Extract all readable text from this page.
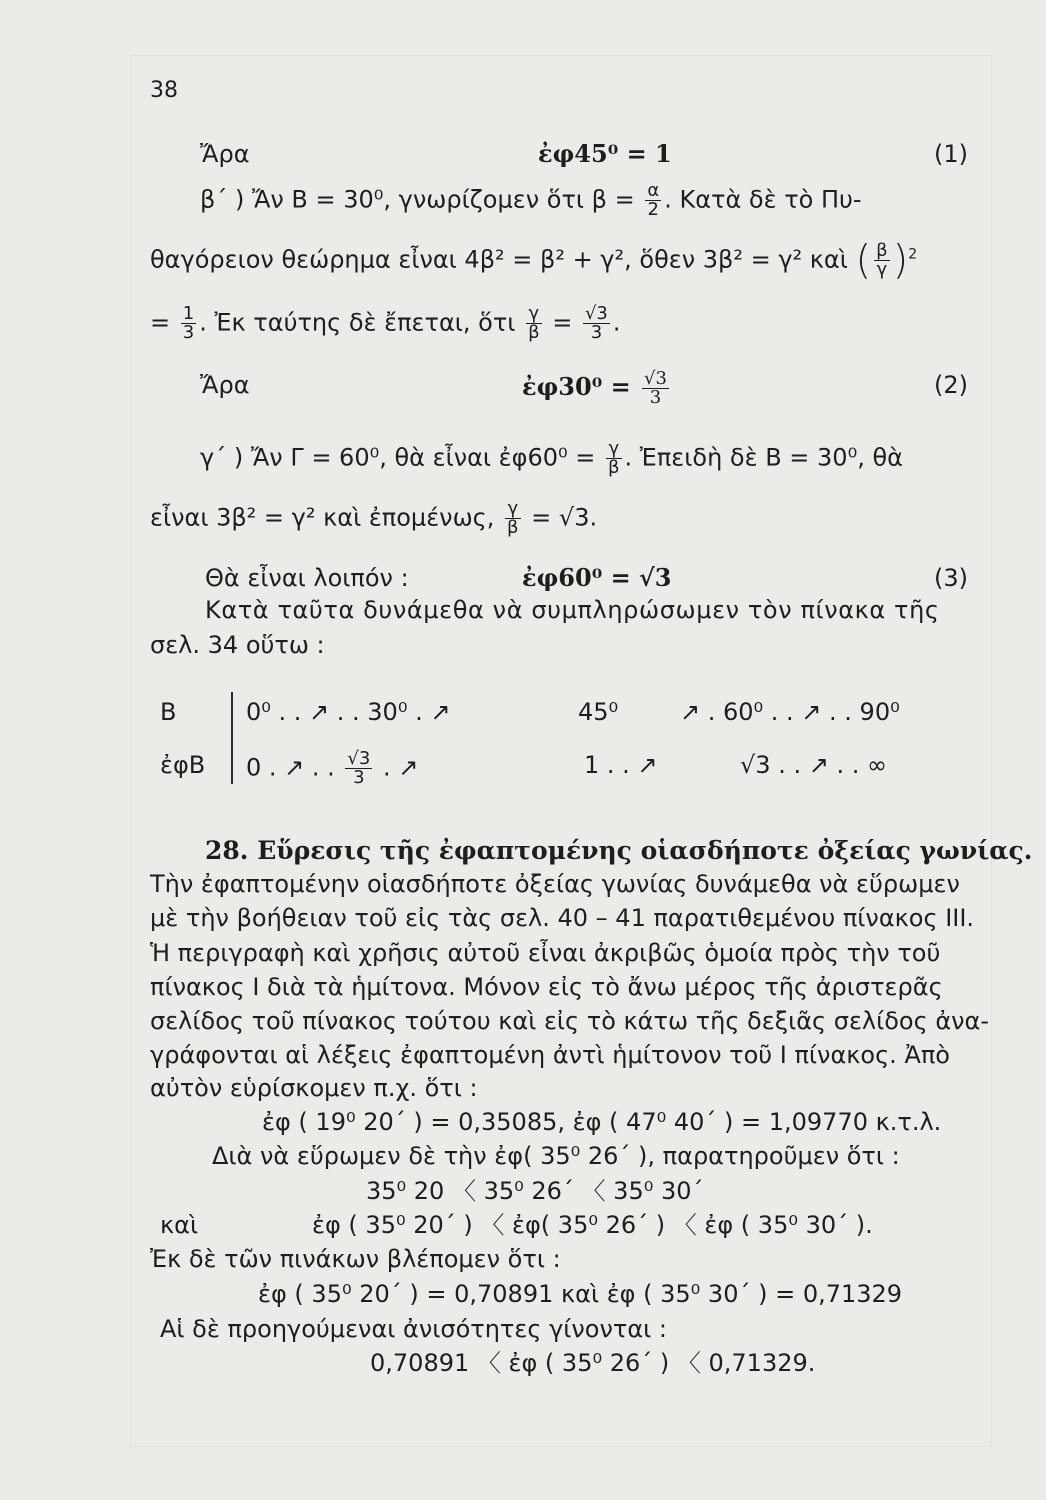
38
Ἄρα	ἐφ45⁰ = 1	(1)
β΄ ) Ἄν Β = 30⁰, γνωρίζομεν ὅτι $\beta = \frac{\alpha}{2}$ . Κατὰ δὲ τὸ Πυ-
θαγόρειον θεώρημα εἶναι 4β² = β² + γ², ὅθεν 3β² = γ² καὶ ( $\frac{\beta}{\gamma} )^2$
= $\frac{1}{3}$ . Ἐκ ταύτης δὲ ἔπεται, ὅτι $\frac{\gamma}{\beta} = \frac{√3}{3}$ .
Ἄρα	ἐφ30⁰ = $\frac{√3}{3}$	(2)
γ΄ ) Ἄν Γ = 60⁰, θὰ εἶναι ἐφ60⁰ = $\frac{\gamma}{\beta}$ . Ἐπειδὴ δὲ Β = 30⁰, θὰ
εἶναι 3β² = γ² καὶ ἐπομένως, $\frac{\gamma}{\beta} = √3$.
Θὰ εἶναι λοιπόν :	ἐφ60⁰ = √3	(3)
Κατὰ ταῦτα δυνάμεθα νὰ συμπληρώσωμεν τὸν πίνακα τῆς
σελ. 34 οὕτω :
Β	0⁰ . . ↗ . . 30⁰ . ↗	45⁰	↗ . 60⁰ . . ↗ . . 90⁰
ἐφΒ 0 . ↗ . . $\frac{√3}{3}$ . ↗	1 . . ↗	√3 . . ↗ . . ∞
28. Εὕρεσις τῆς ἐφαπτομένης οἱασδήποτε ὀξείας γωνίας.
Τὴν ἐφαπτομένην οἱασδήποτε ὀξείας γωνίας δυνάμεθα νὰ εὕρωμεν
μὲ τὴν βοήθειαν τοῦ εἰς τὰς σελ. 40 – 41 παρατιθεμένου πίνακος ΙΙΙ.
Ἡ περιγραφὴ καὶ χρῆσις αὐτοῦ εἶναι ἀκριβῶς ὁμοία πρὸς τὴν τοῦ
πίνακος Ι διὰ τὰ ἡμίτονα. Μόνον εἰς τὸ ἄνω μέρος τῆς ἀριστερᾶς
σελίδος τοῦ πίνακος τούτου καὶ εἰς τὸ κάτω τῆς δεξιᾶς σελίδος ἀνα-
γράφονται αἱ λέξεις ἐφαπτομένη ἀντὶ ἡμίτονον τοῦ Ι πίνακος. Ἀπὸ
αὐτὸν εὑρίσκομεν π.χ. ὅτι :
ἐφ ( 19⁰ 20΄ ) = 0,35085, ἐφ ( 47⁰ 40΄ ) = 1,09770 κ.τ.λ.
Διὰ νὰ εὕρωμεν δὲ τὴν ἐφ( 35⁰ 26΄ ), παρατηροῦμεν ὅτι :
35⁰ 20 〈 35⁰ 26΄ 〈 35⁰ 30΄
καὶ	ἐφ ( 35⁰ 20΄ ) 〈 ἐφ( 35⁰ 26΄ ) 〈 ἐφ ( 35⁰ 30΄ ).
Ἐκ δὲ τῶν πινάκων βλέπομεν ὅτι :
ἐφ ( 35⁰ 20΄ ) = 0,70891 καὶ ἐφ ( 35⁰ 30΄ ) = 0,71329
Αἱ δὲ προηγούμεναι ἀνισότητες γίνονται :
0,70891 〈 ἐφ ( 35⁰ 26΄ ) 〈 0,71329.
